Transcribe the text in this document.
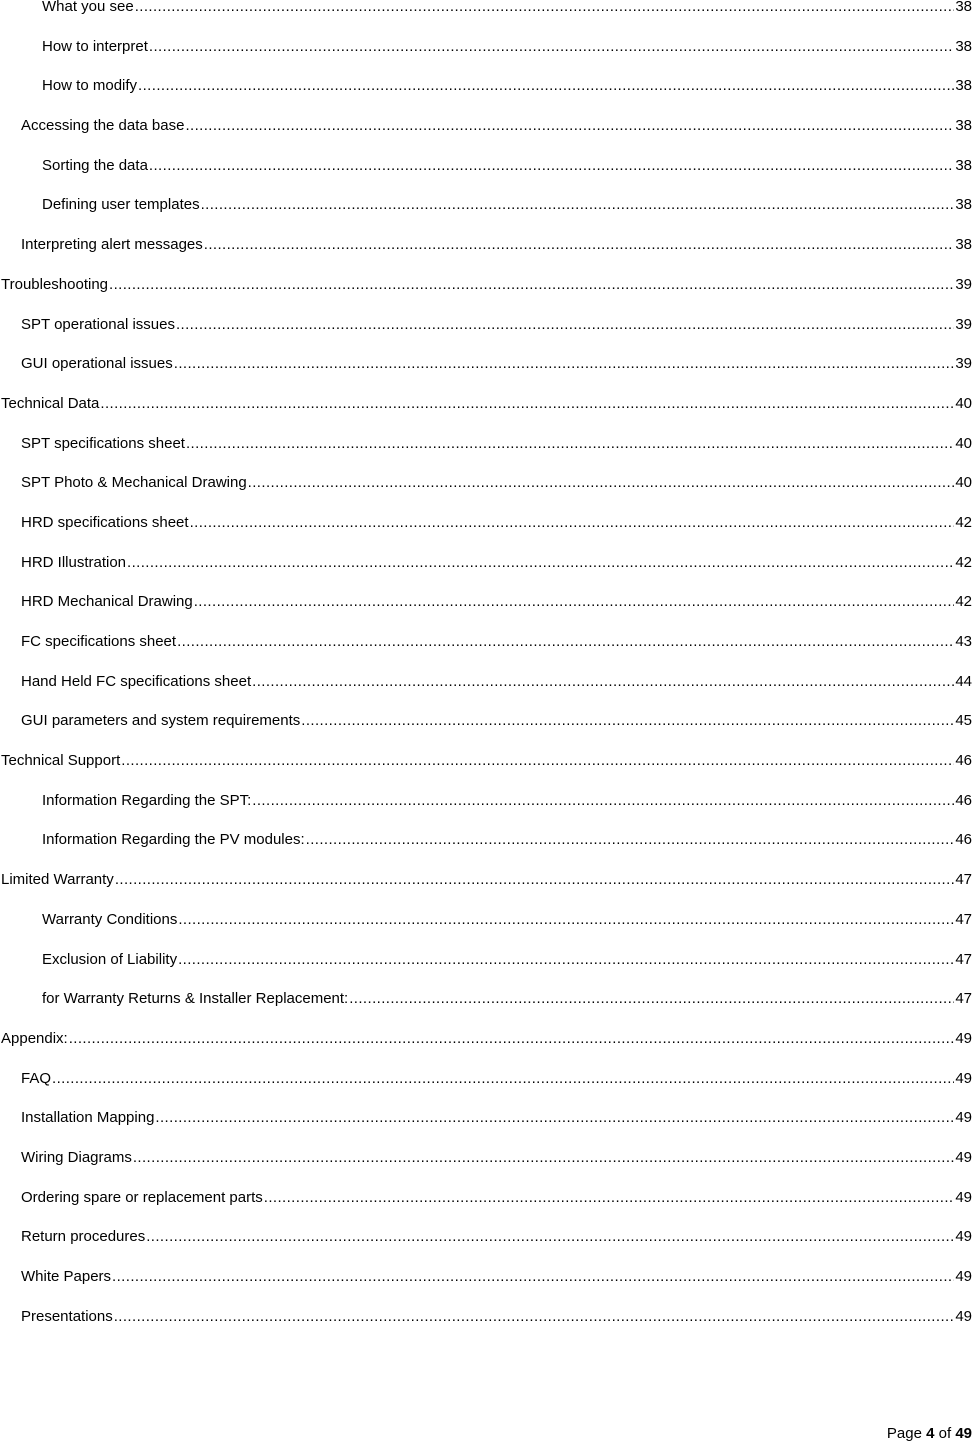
What you see .....	38
How to interpret .....	38
How to modify .....	38
Accessing the data base .....	38
Sorting the data .....	38
Defining user templates .....	38
Interpreting alert messages .....	38
Troubleshooting .....	39
SPT operational issues .....	39
GUI operational issues .....	39
Technical Data .....	40
SPT specifications sheet .....	40
SPT Photo & Mechanical Drawing .....	40
HRD specifications sheet .....	42
HRD Illustration .....	42
HRD Mechanical Drawing .....	42
FC specifications sheet .....	43
Hand Held FC specifications sheet .....	44
GUI parameters and system requirements .....	45
Technical Support .....	46
Information Regarding the SPT: .....	46
Information Regarding the PV modules: .....	46
Limited Warranty .....	47
Warranty Conditions .....	47
Exclusion of Liability .....	47
for Warranty Returns & Installer Replacement: .....	47
Appendix: .....	49
FAQ .....	49
Installation Mapping .....	49
Wiring Diagrams .....	49
Ordering spare or replacement parts .....	49
Return procedures .....	49
White Papers .....	49
Presentations .....	49
Page 4 of 49
